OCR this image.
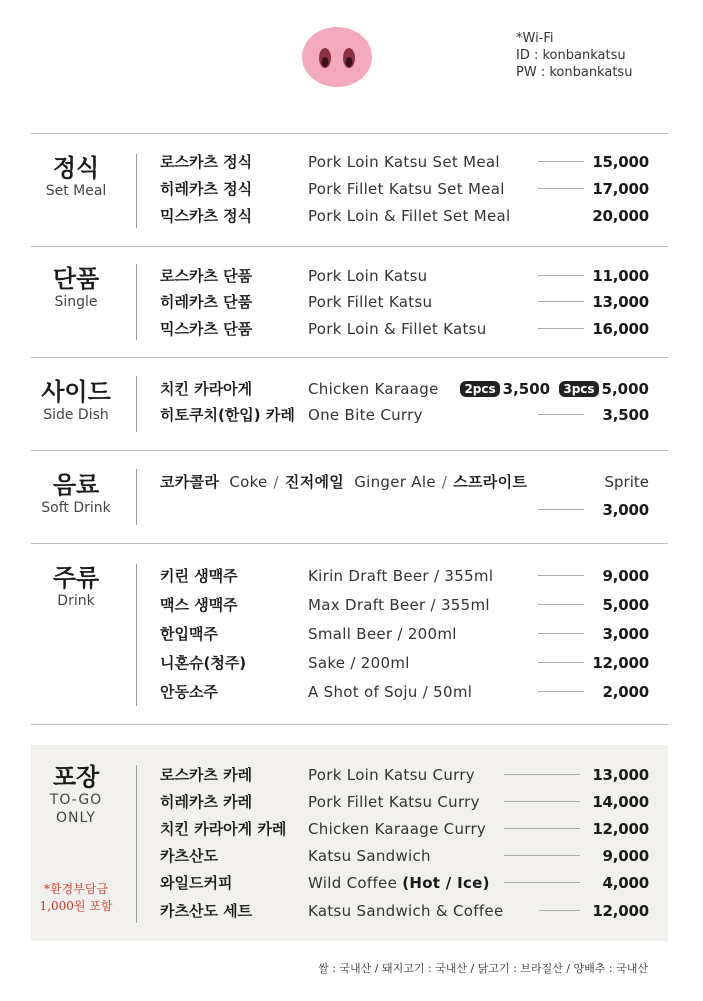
*Wi-Fi
ID : konbankatsu
PW : konbankatsu
정식
Set Meal
로스카츠 정식	Pork Loin Katsu Set Meal	15,000
히레카츠 정식	Pork Fillet Katsu Set Meal	17,000
믹스카츠 정식	Pork Loin & Fillet Set Meal	20,000
단품
Single
로스카츠 단품	Pork Loin Katsu	11,000
히레카츠 단품	Pork Fillet Katsu	13,000
믹스카츠 단품	Pork Loin & Fillet Katsu	16,000
사이드
Side Dish
치킨 카라아게	Chicken Karaage	2pcs 3,500 3pcs 5,000
히토쿠치(한입) 카레 One Bite Curry	3,500
음료
Soft Drink
코카콜라 Coke / 진저에일 Ginger Ale / 스프라이트	Sprite
3,000
주류
Drink
키린 생맥주	Kirin Draft Beer / 355ml	9,000
맥스 생맥주	Max Draft Beer / 355ml	5,000
한입맥주	Small Beer / 200ml	3,000
니혼슈(청주)	Sake / 200ml	12,000
안동소주	A Shot of Soju / 50ml	2,000
포장
TO-GO
ONLY
*환경부담금
1,000원 포함
로스카츠 카레	Pork Loin Katsu Curry	13,000
히레카츠 카레	Pork Fillet Katsu Curry	14,000
치킨 카라아게 카레 Chicken Karaage Curry	12,000
카츠산도	Katsu Sandwich	9,000
와일드커피	Wild Coffee (Hot / Ice)	4,000
카츠산도 세트	Katsu Sandwich & Coffee	12,000
쌀 : 국내산 / 돼지고기 : 국내산 / 닭고기 : 브라질산 / 양배추 : 국내산
